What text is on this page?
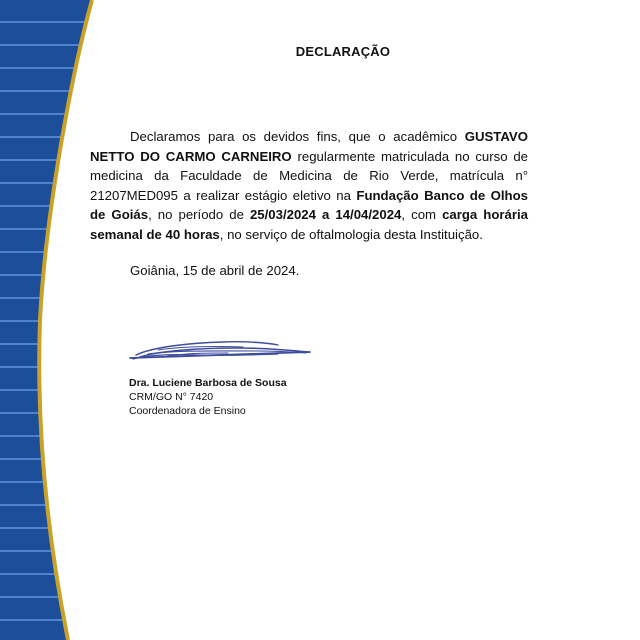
DECLARAÇÃO

Declaramos para os devidos fins, que o acadêmico GUSTAVO NETTO DO CARMO CARNEIRO regularmente matriculada no curso de medicina da Faculdade de Medicina de Rio Verde, matrícula n° 21207MED095 a realizar estágio eletivo na Fundação Banco de Olhos de Goiás, no período de 25/03/2024 a 14/04/2024, com carga horária semanal de 40 horas, no serviço de oftalmologia desta Instituição.

Goiânia, 15 de abril de 2024.
Dra. Luciene Barbosa de Sousa
CRM/GO N° 7420
Coordenadora de Ensino
